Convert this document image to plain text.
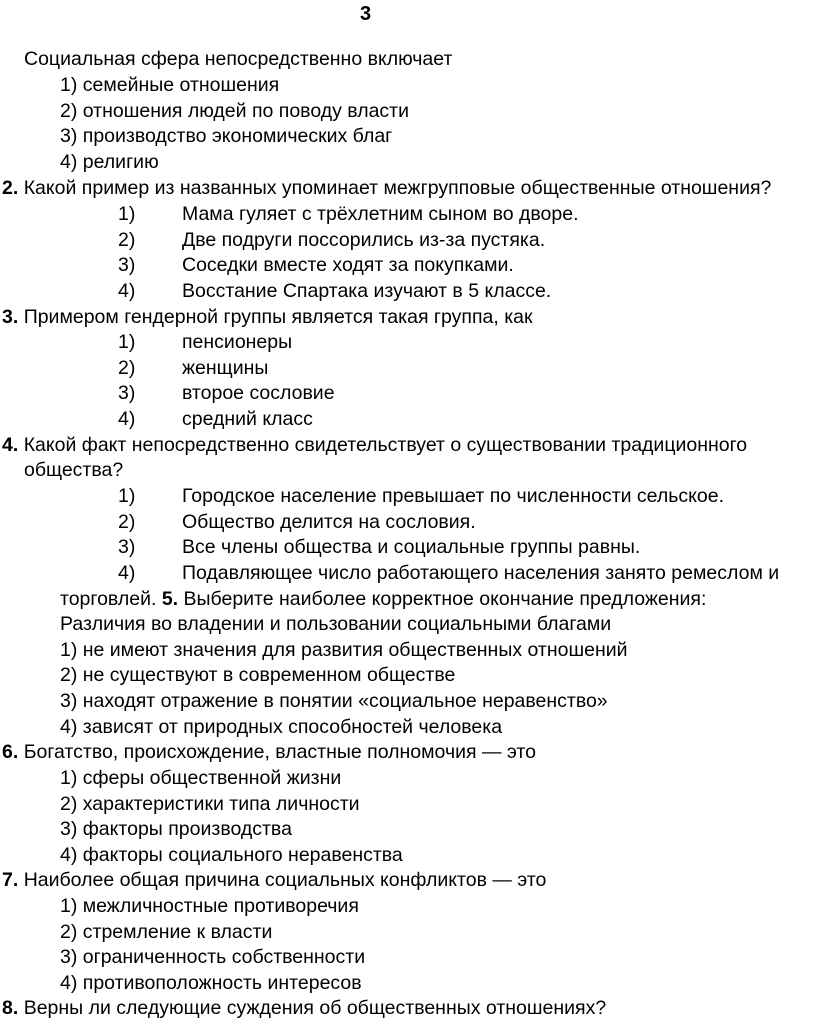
3
Социальная сфера непосредственно включает
1) семейные отношения
2) отношения людей по поводу власти
3) производство экономических благ
4) религию
2. Какой пример из названных упоминает межгрупповые общественные отношения?
1) Мама гуляет с трёхлетним сыном во дворе.
2) Две подруги поссорились из-за пустяка.
3) Соседки вместе ходят за покупками.
4) Восстание Спартака изучают в 5 классе.
3. Примером гендерной группы является такая группа, как
1) пенсионеры
2) женщины
3) второе сословие
4) средний класс
4. Какой факт непосредственно свидетельствует о существовании традиционного
общества?
1) Городское население превышает по численности сельское.
2) Общество делится на сословия.
3) Все члены общества и социальные группы равны.
4) Подавляющее число работающего населения занято ремеслом и
торговлей. 5. Выберите наиболее корректное окончание предложения:
Различия во владении и пользовании социальными благами
1) не имеют значения для развития общественных отношений
2) не существуют в современном обществе
3) находят отражение в понятии «социальное неравенство»
4) зависят от природных способностей человека
6. Богатство, происхождение, властные полномочия — это
1) сферы общественной жизни
2) характеристики типа личности
3) факторы производства
4) факторы социального неравенства
7. Наиболее общая причина социальных конфликтов — это
1) межличностные противоречия
2) стремление к власти
3) ограниченность собственности
4) противоположность интересов
8. Верны ли следующие суждения об общественных отношениях?
